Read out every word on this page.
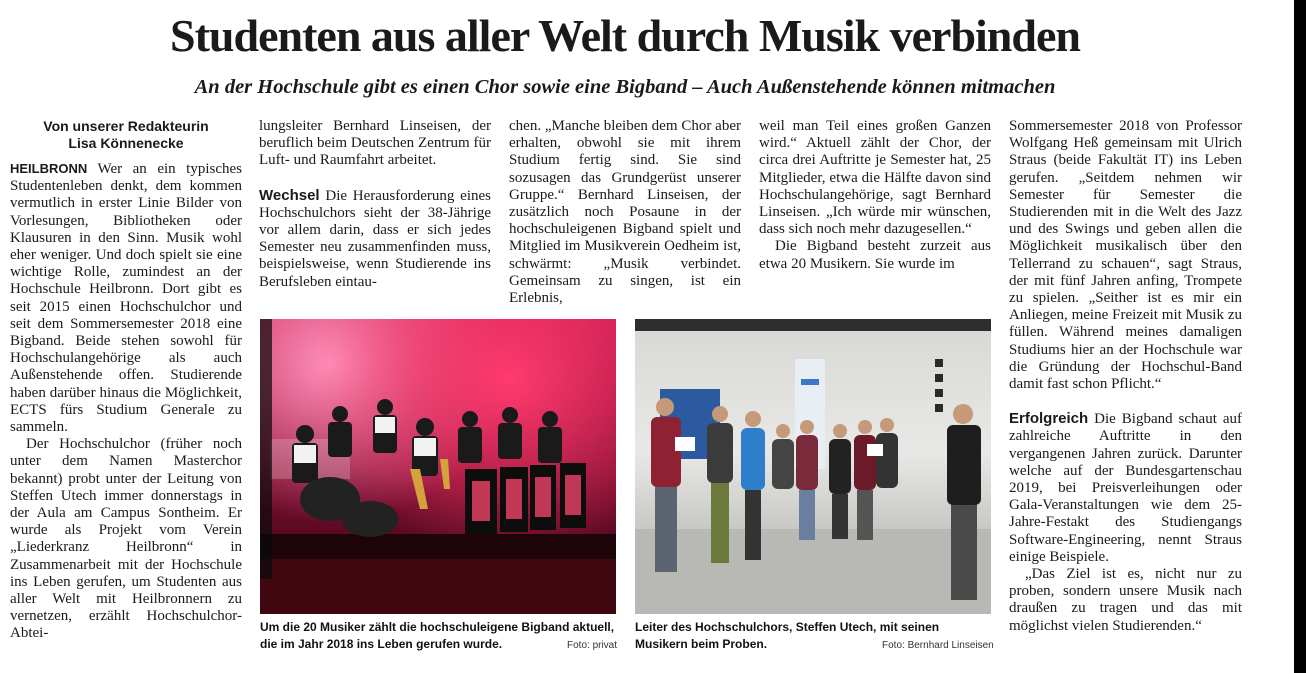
Studenten aus aller Welt durch Musik verbinden
An der Hochschule gibt es einen Chor sowie eine Bigband – Auch Außenstehende können mitmachen
Von unserer Redakteurin
Lisa Könnenecke

HEILBRONN Wer an ein typisches Studentenleben denkt, dem kommen vermutlich in erster Linie Bilder von Vorlesungen, Bibliotheken oder Klausuren in den Sinn. Musik wohl eher weniger. Und doch spielt sie eine wichtige Rolle, zumindest an der Hochschule Heilbronn. Dort gibt es seit 2015 einen Hochschulchor und seit dem Sommersemester 2018 eine Bigband. Beide stehen sowohl für Hochschulangehörige als auch Außenstehende offen. Studierende haben darüber hinaus die Möglichkeit, ECTS fürs Studium Generale zu sammeln.

Der Hochschulchor (früher noch unter dem Namen Masterchor bekannt) probt unter der Leitung von Steffen Utech immer donnerstags in der Aula am Campus Sontheim. Er wurde als Projekt vom Verein „Liederkranz Heilbronn“ in Zusammenarbeit mit der Hochschule ins Leben gerufen, um Studenten aus aller Welt mit Heilbronnern zu vernetzen, erzählt Hochschulchor-Abtei-

lungsleiter Bernhard Linseisen, der beruflich beim Deutschen Zentrum für Luft- und Raumfahrt arbeitet.

Wechsel Die Herausforderung eines Hochschulchors sieht der 38-Jährige vor allem darin, dass er sich jedes Semester neu zusammenfinden muss, beispielsweise, wenn Studierende ins Berufsleben eintau-

chen. „Manche bleiben dem Chor aber erhalten, obwohl sie mit ihrem Studium fertig sind. Sie sind sozusagen das Grundgerüst unserer Gruppe.“ Bernhard Linseisen, der zusätzlich noch Posaune in der hochschuleigenen Bigband spielt und Mitglied im Musikverein Oedheim ist, schwärmt: „Musik verbindet. Gemeinsam zu singen, ist ein Erlebnis,

weil man Teil eines großen Ganzen wird.“ Aktuell zählt der Chor, der circa drei Auftritte je Semester hat, 25 Mitglieder, etwa die Hälfte davon sind Hochschulangehörige, sagt Bernhard Linseisen. „Ich würde mir wünschen, dass sich noch mehr dazugesellen.“

Die Bigband besteht zurzeit aus etwa 20 Musikern. Sie wurde im

Sommersemester 2018 von Professor Wolfgang Heß gemeinsam mit Ulrich Straus (beide Fakultät IT) ins Leben gerufen. „Seitdem nehmen wir Semester für Semester die Studierenden mit in die Welt des Jazz und des Swings und geben allen die Möglichkeit musikalisch über den Tellerrand zu schauen“, sagt Straus, der mit fünf Jahren anfing, Trompete zu spielen. „Seither ist es mir ein Anliegen, meine Freizeit mit Musik zu füllen. Während meines damaligen Studiums hier an der Hochschule war die Gründung der Hochschul-Band damit fast schon Pflicht.“

Erfolgreich Die Bigband schaut auf zahlreiche Auftritte in den vergangenen Jahren zurück. Darunter welche auf der Bundesgartenschau 2019, bei Preisverleihungen oder Gala-Veranstaltungen wie dem 25-Jahre-Festakt des Studiengangs Software-Engineering, nennt Straus einige Beispiele.

„Das Ziel ist es, nicht nur zu proben, sondern unsere Musik nach draußen zu tragen und das mit möglichst vielen Studierenden.“

Um die 20 Musiker zählt die hochschuleigene Bigband aktuell, die im Jahr 2018 ins Leben gerufen wurde.	Foto: privat
Leiter des Hochschulchors, Steffen Utech, mit seinen Musikern beim Proben.	Foto: Bernhard Linseisen
